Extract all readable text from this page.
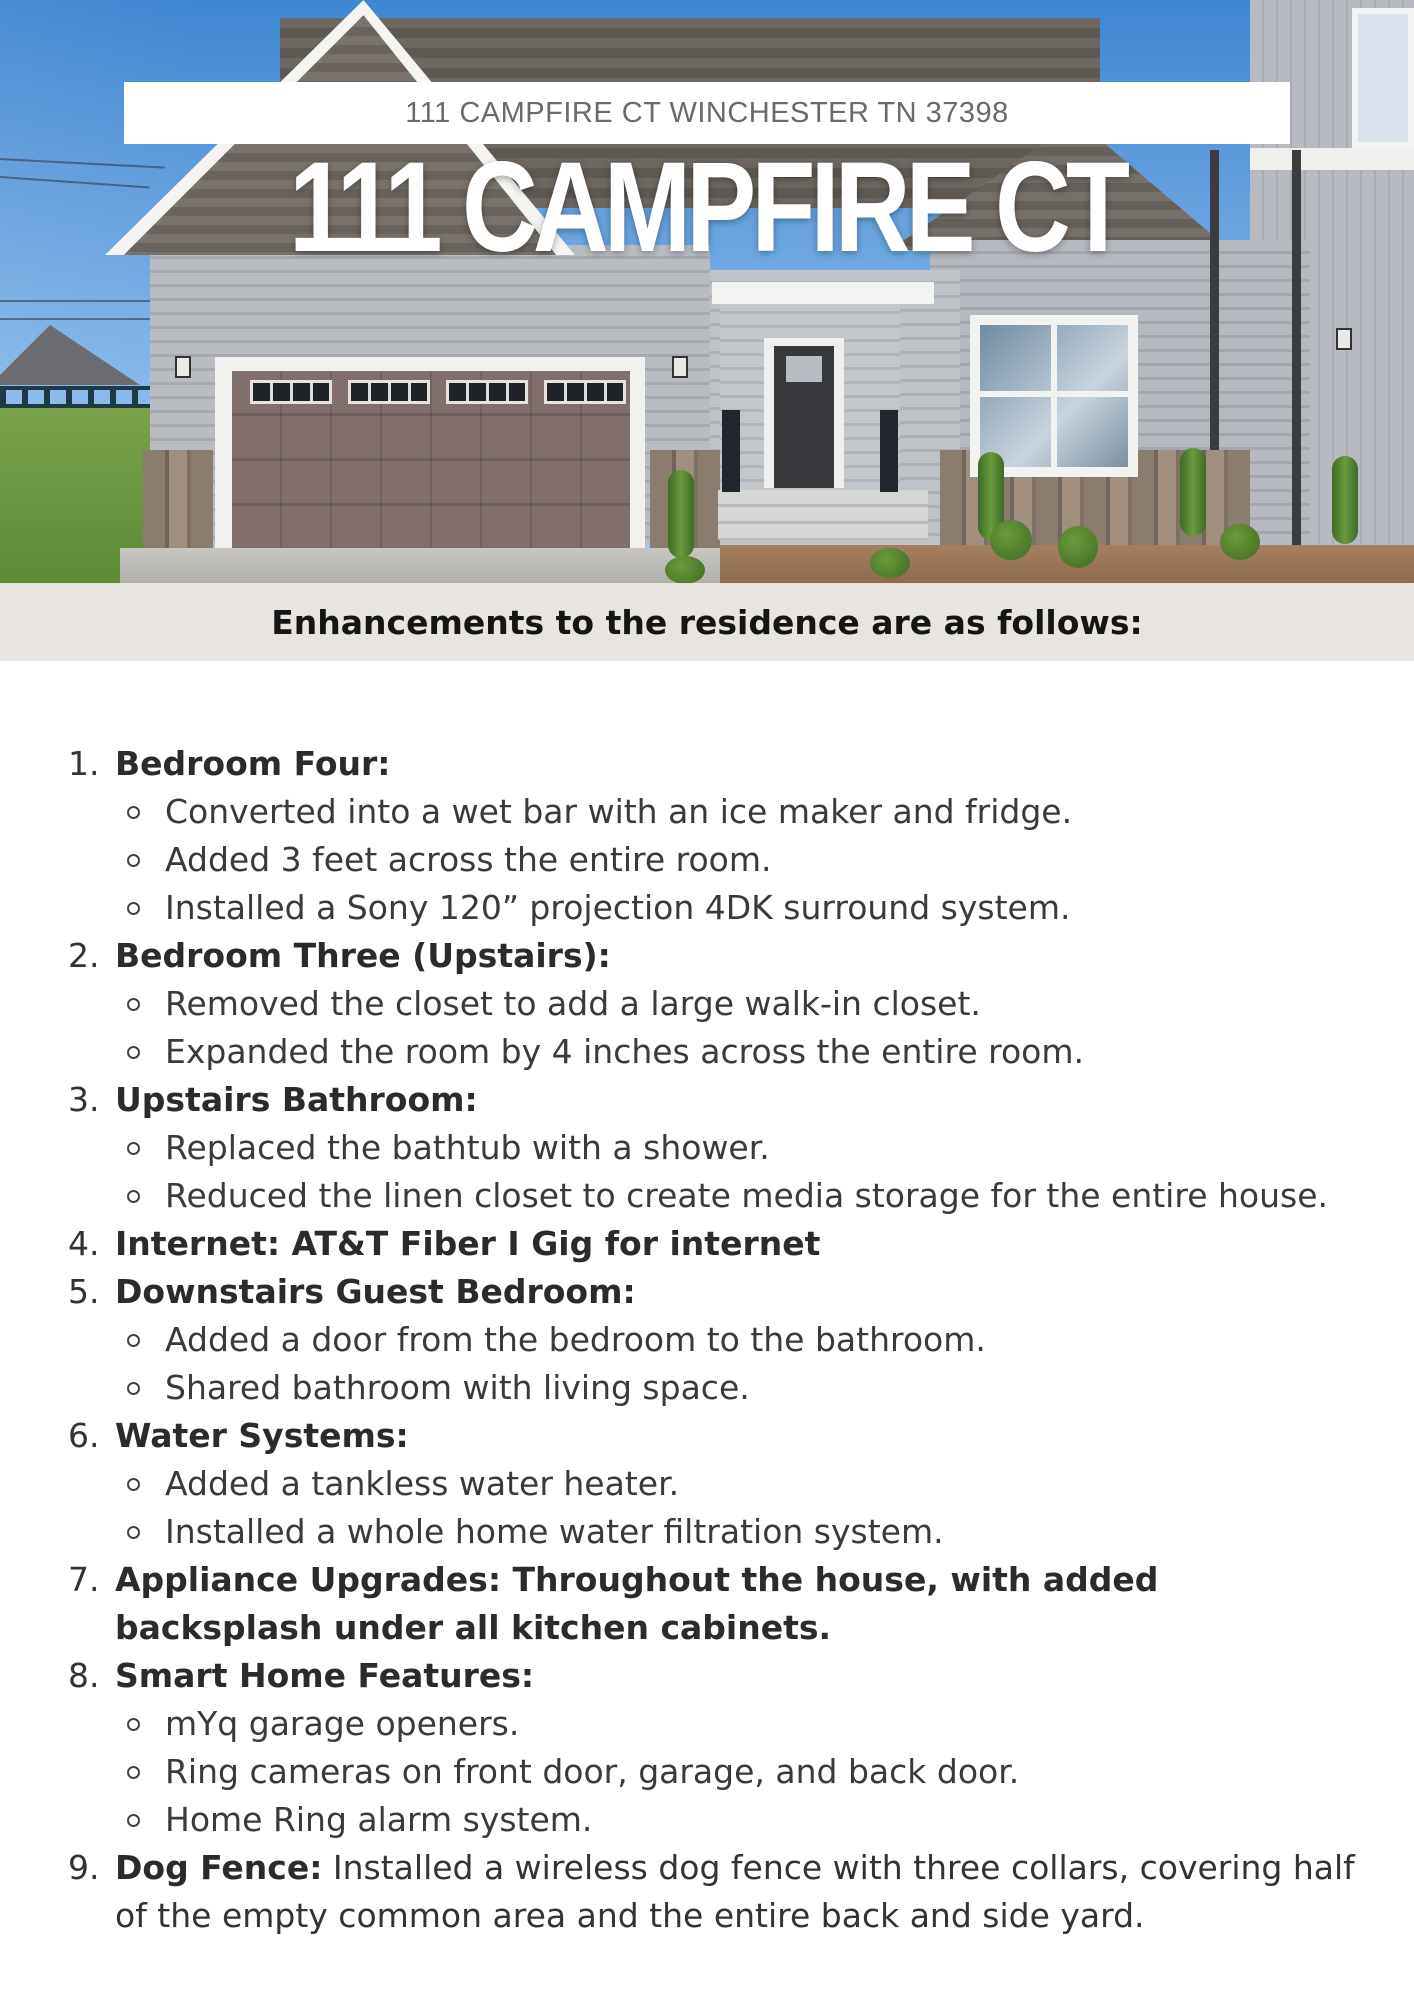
111 CAMPFIRE CT WINCHESTER TN 37398
111 CAMPFIRE CT
Enhancements to the residence are as follows:
1. Bedroom Four:
Converted into a wet bar with an ice maker and fridge.
Added 3 feet across the entire room.
Installed a Sony 120” projection 4DK surround system.
2. Bedroom Three (Upstairs):
Removed the closet to add a large walk-in closet.
Expanded the room by 4 inches across the entire room.
3. Upstairs Bathroom:
Replaced the bathtub with a shower.
Reduced the linen closet to create media storage for the entire house.
4. Internet: AT&T Fiber I Gig for internet
5. Downstairs Guest Bedroom:
Added a door from the bedroom to the bathroom.
Shared bathroom with living space.
6. Water Systems:
Added a tankless water heater.
Installed a whole home water filtration system.
7. Appliance Upgrades: Throughout the house, with added backsplash under all kitchen cabinets.
8. Smart Home Features:
mYq garage openers.
Ring cameras on front door, garage, and back door.
Home Ring alarm system.
9. Dog Fence: Installed a wireless dog fence with three collars, covering half of the empty common area and the entire back and side yard.
